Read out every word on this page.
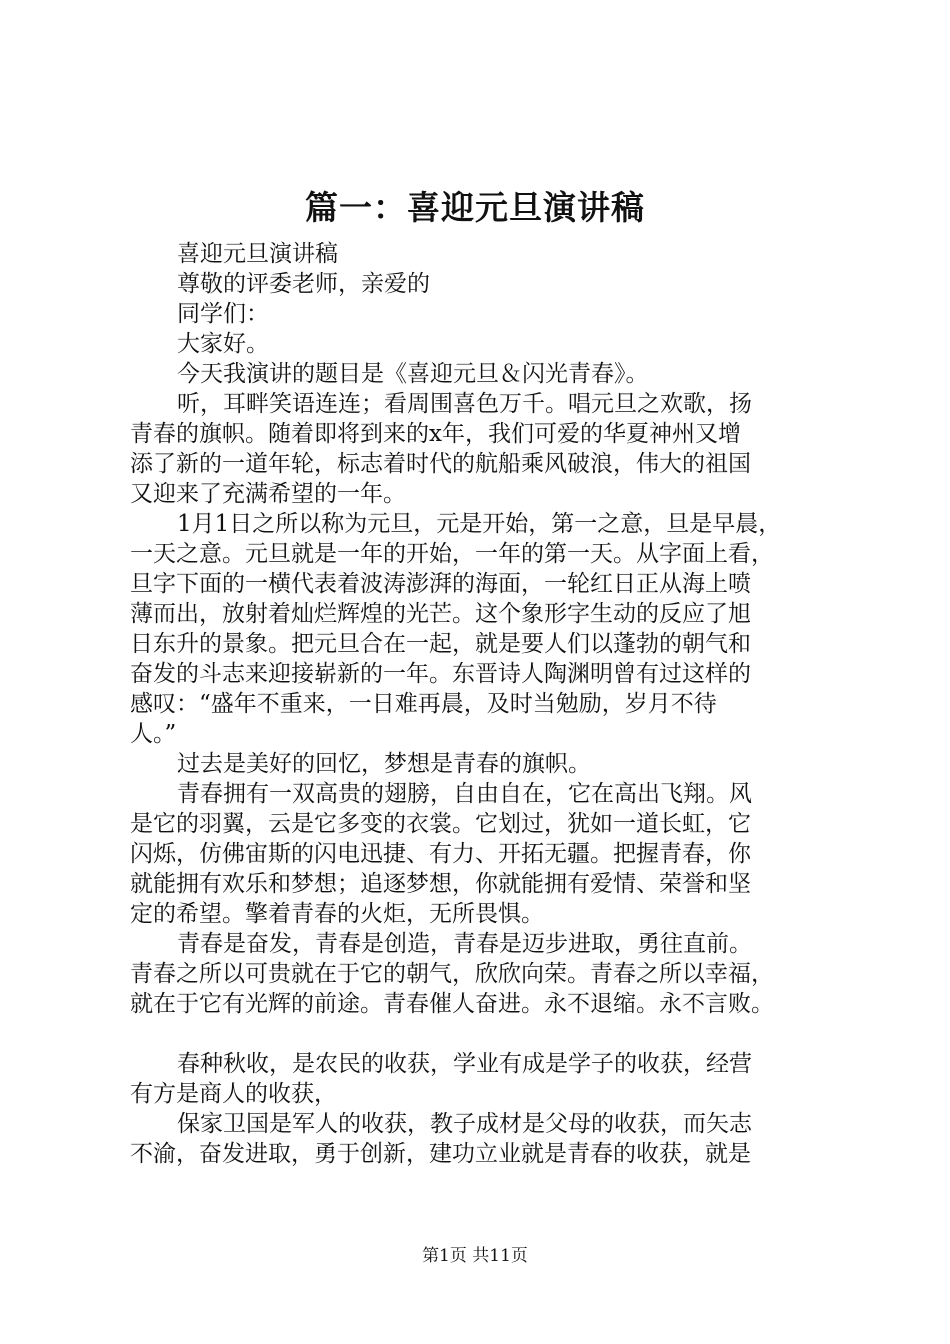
篇一：喜迎元旦演讲稿
喜迎元旦演讲稿
尊敬的评委老师，亲爱的
同学们：
大家好。
今天我演讲的题目是《喜迎元旦＆闪光青春》。
听，耳畔笑语连连；看周围喜色万千。唱元旦之欢歌，扬
青春的旗帜。随着即将到来的x年，我们可爱的华夏神州又增
添了新的一道年轮，标志着时代的航船乘风破浪，伟大的祖国
又迎来了充满希望的一年。
1月1日之所以称为元旦，元是开始，第一之意，旦是早晨，
一天之意。元旦就是一年的开始，一年的第一天。从字面上看，
旦字下面的一横代表着波涛澎湃的海面，一轮红日正从海上喷
薄而出，放射着灿烂辉煌的光芒。这个象形字生动的反应了旭
日东升的景象。把元旦合在一起，就是要人们以蓬勃的朝气和
奋发的斗志来迎接崭新的一年。东晋诗人陶渊明曾有过这样的
感叹：“盛年不重来，一日难再晨，及时当勉励，岁月不待
人。”
过去是美好的回忆，梦想是青春的旗帜。
青春拥有一双高贵的翅膀，自由自在，它在高出飞翔。风
是它的羽翼，云是它多变的衣裳。它划过，犹如一道长虹，它
闪烁，仿佛宙斯的闪电迅捷、有力、开拓无疆。把握青春，你
就能拥有欢乐和梦想；追逐梦想，你就能拥有爱情、荣誉和坚
定的希望。擎着青春的火炬，无所畏惧。
青春是奋发，青春是创造，青春是迈步进取，勇往直前。
青春之所以可贵就在于它的朝气，欣欣向荣。青春之所以幸福，
就在于它有光辉的前途。青春催人奋进。永不退缩。永不言败。
春种秋收，是农民的收获，学业有成是学子的收获，经营
有方是商人的收获，
保家卫国是军人的收获，教子成材是父母的收获，而矢志
不渝，奋发进取，勇于创新，建功立业就是青春的收获，就是
第1页 共11页
